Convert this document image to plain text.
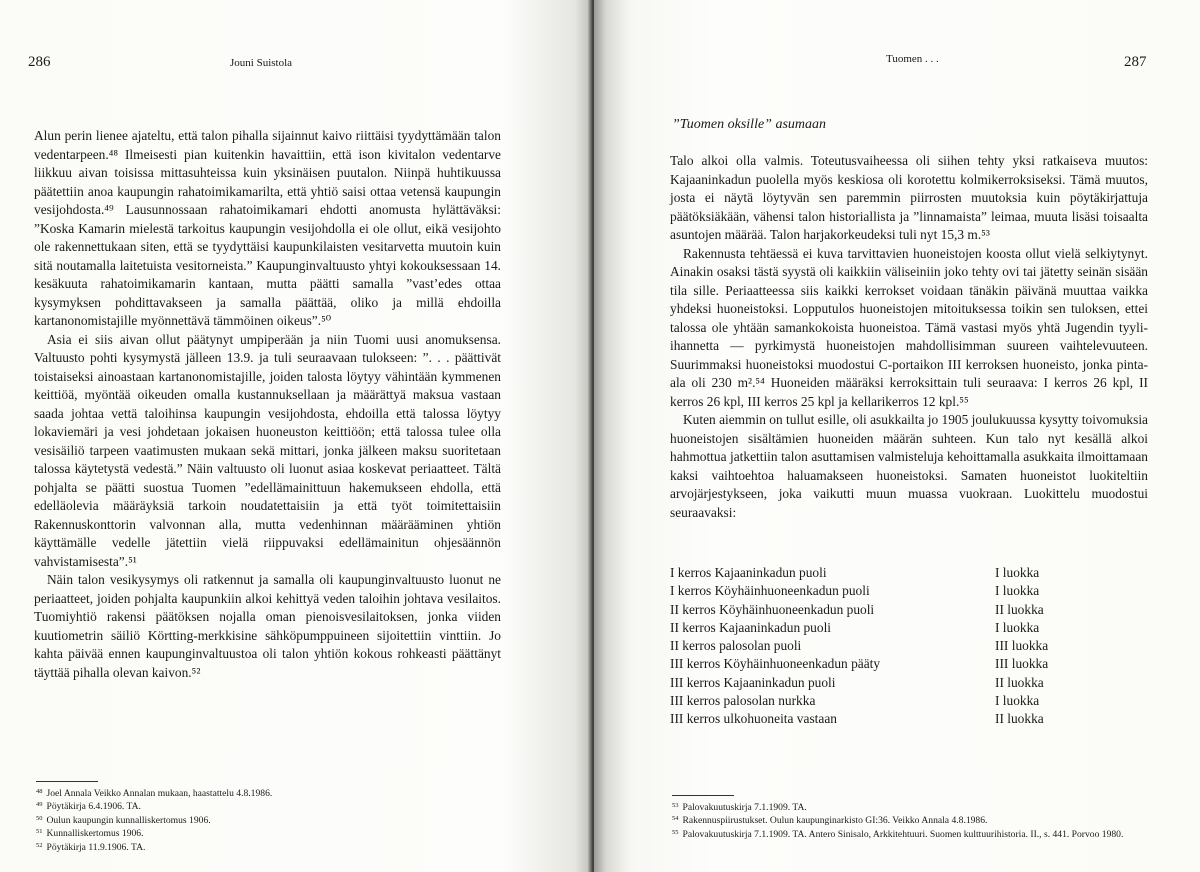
286	Jouni Suistola

Alun perin lienee ajateltu, että talon pihalla sijainnut kaivo riittäisi tyydyttämään talon vedentarpeen.⁴⁸ Ilmeisesti pian kuitenkin havaittiin, että ison kivitalon vedentarve liikkuu aivan toisissa mittasuhteissa kuin yksinäisen puutalon. Niinpä huhtikuussa päätettiin anoa kaupungin rahatoimikamarilta, että yhtiö saisi ottaa vetensä kaupungin vesijohdosta.⁴⁹ Lausunnossaan rahatoimikamari ehdotti anomusta hylättäväksi: ”Koska Kamarin mielestä tarkoitus kaupungin vesijohdolla ei ole ollut, eikä vesijohto ole rakennettukaan siten, että se tyydyttäisi kaupunkilaisten vesitarvetta muutoin kuin sitä noutamalla laitetuista vesitorneista.” Kaupunginvaltuusto yhtyi kokouksessaan 14. kesäkuuta rahatoimikamarin kantaan, mutta päätti samalla ”vast’edes ottaa kysymyksen pohdittavakseen ja samalla päättää, oliko ja millä ehdoilla kartanonomistajille myönnettävä tämmöinen oikeus”.⁵⁰

Asia ei siis aivan ollut päätynyt umpiperään ja niin Tuomi uusi anomuksensa. Valtuusto pohti kysymystä jälleen 13.9. ja tuli seuraavaan tulokseen: ”. . . päättivät toistaiseksi ainoastaan kartanonomistajille, joiden talosta löytyy vähintään kymmenen keittiöä, myöntää oikeuden omalla kustannuksellaan ja määrättyä maksua vastaan saada johtaa vettä taloihinsa kaupungin vesijohdosta, ehdoilla että talossa löytyy lokaviemäri ja vesi johdetaan jokaisen huoneuston keittiöön; että talossa tulee olla vesisäiliö tarpeen vaatimusten mukaan sekä mittari, jonka jälkeen maksu suoritetaan talossa käytetystä vedestä.” Näin valtuusto oli luonut asiaa koskevat periaatteet. Tältä pohjalta se päätti suostua Tuomen ”edellämainittuun hakemukseen ehdolla, että edelläolevia määräyksiä tarkoin noudatettaisiin ja että työt toimitettaisiin Rakennuskonttorin valvonnan alla, mutta vedenhinnan määrääminen yhtiön käyttämälle vedelle jätettiin vielä riippuvaksi edellämainitun ohjesäännön vahvistamisesta”.⁵¹

Näin talon vesikysymys oli ratkennut ja samalla oli kaupunginvaltuusto luonut ne periaatteet, joiden pohjalta kaupunkiin alkoi kehittyä veden taloihin johtava vesilaitos. Tuomiyhtiö rakensi päätöksen nojalla oman pienoisvesilaitoksen, jonka viiden kuutiometrin säiliö Körtting-merkkisine sähköpumppuineen sijoitettiin vinttiin. Jo kahta päivää ennen kaupunginvaltuustoa oli talon yhtiön kokous rohkeasti päättänyt täyttää pihalla olevan kaivon.⁵²

$^{48}$ Joel Annala Veikko Annalan mukaan, haastattelu 4.8.1986.
$^{49}$ Pöytäkirja 6.4.1906. TA.
$^{50}$ Oulun kaupungin kunnalliskertomus 1906.
$^{51}$ Kunnalliskertomus 1906.
$^{52}$ Pöytäkirja 11.9.1906. TA.
Tuomen . . .	287
”Tuomen oksille” asumaan

Talo alkoi olla valmis. Toteutusvaiheessa oli siihen tehty yksi ratkaiseva muutos: Kajaaninkadun puolella myös keskiosa oli korotettu kolmikerroksiseksi. Tämä muutos, josta ei näytä löytyvän sen paremmin piirrosten muutoksia kuin pöytäkirjattuja päätöksiäkään, vähensi talon historiallista ja ”linnamaista” leimaa, muuta lisäsi toisaalta asuntojen määrää. Talon harjakorkeudeksi tuli nyt 15,3 m.⁵³

Rakennusta tehtäessä ei kuva tarvittavien huoneistojen koosta ollut vielä selkiytynyt. Ainakin osaksi tästä syystä oli kaikkiin väliseiniin joko tehty ovi tai jätetty seinän sisään tila sille. Periaatteessa siis kaikki kerrokset voidaan tänäkin päivänä muuttaa vaikka yhdeksi huoneistoksi. Lopputulos huoneistojen mitoituksessa toikin sen tuloksen, ettei talossa ole yhtään samankokoista huoneistoa. Tämä vastasi myös yhtä Jugendin tyyli-ihannetta — pyrkimystä huoneistojen mahdollisimman suureen vaihtelevuuteen. Suurimmaksi huoneistoksi muodostui C-portaikon III kerroksen huoneisto, jonka pinta-ala oli 230 m².⁵⁴ Huoneiden määräksi kerroksittain tuli seuraava: I kerros 26 kpl, II kerros 26 kpl, III kerros 25 kpl ja kellarikerros 12 kpl.⁵⁵

Kuten aiemmin on tullut esille, oli asukkailta jo 1905 joulukuussa kysytty toivomuksia huoneistojen sisältämien huoneiden määrän suhteen. Kun talo nyt kesällä alkoi hahmottua jatkettiin talon asuttamisen valmisteluja kehoittamalla asukkaita ilmoittamaan kaksi vaihtoehtoa haluamakseen huoneistoksi. Samaten huoneistot luokiteltiin arvojärjestykseen, joka vaikutti muun muassa vuokraan. Luokittelu muodostui seuraavaksi:

I kerros Kajaaninkadun puoli	I luokka
I kerros Köyhäinhuoneenkadun puoli	I luokka
II kerros Köyhäinhuoneenkadun puoli	II luokka
II kerros Kajaaninkadun puoli	I luokka
II kerros palosolan puoli	III luokka
III kerros Köyhäinhuoneenkadun pääty	III luokka
III kerros Kajaaninkadun puoli	II luokka
III kerros palosolan nurkka	I luokka
III kerros ulkohuoneita vastaan	II luokka
$^{53}$ Palovakuutuskirja 7.1.1909. TA.
$^{54}$ Rakennuspiirustukset. Oulun kaupunginarkisto GI:36. Veikko Annala 4.8.1986.
$^{55}$ Palovakuutuskirja 7.1.1909. TA. Antero Sinisalo, Arkkitehtuuri. Suomen kulttuurihistoria. II., s. 441. Porvoo 1980.
